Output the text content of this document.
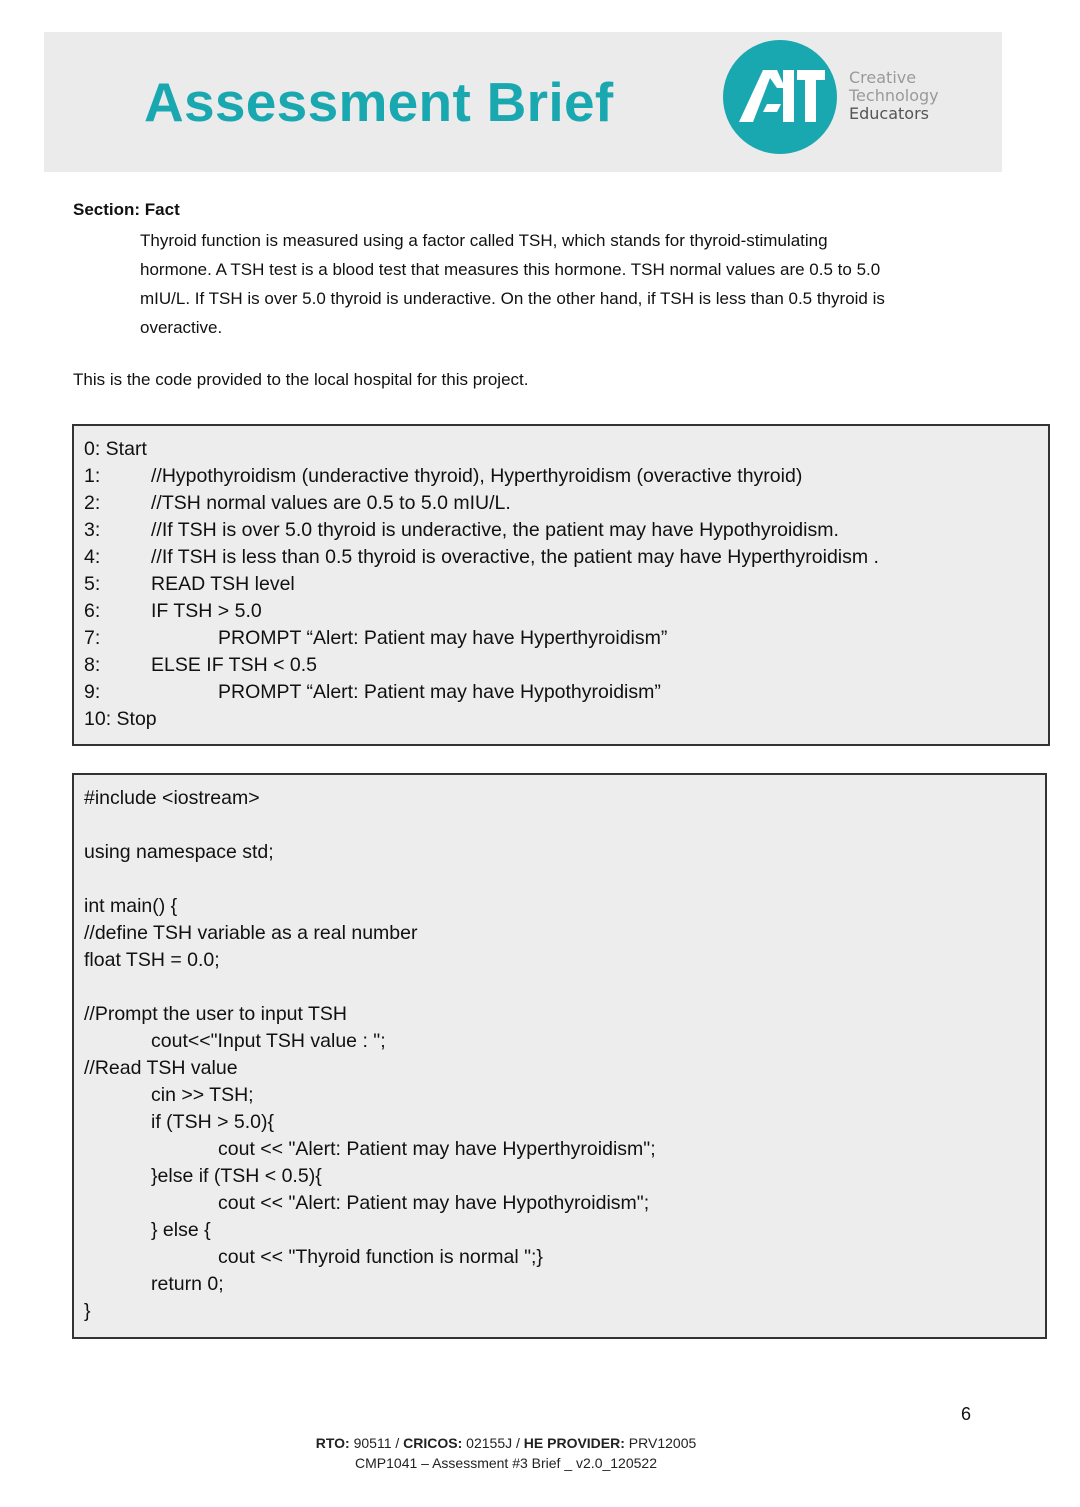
Assessment Brief	Creative
Technology
Educators
Section: Fact
Thyroid function is measured using a factor called TSH, which stands for thyroid-stimulating
hormone. A TSH test is a blood test that measures this hormone. TSH normal values are 0.5 to 5.0
mIU/L. If TSH is over 5.0 thyroid is underactive. On the other hand, if TSH is less than 0.5 thyroid is
overactive.
This is the code provided to the local hospital for this project.
0: Start
1:	//Hypothyroidism (underactive thyroid), Hyperthyroidism (overactive thyroid)
2:	//TSH normal values are 0.5 to 5.0 mIU/L.
3:	//If TSH is over 5.0 thyroid is underactive, the patient may have Hypothyroidism.
4:	//If TSH is less than 0.5 thyroid is overactive, the patient may have Hyperthyroidism .
5:	READ TSH level
6:	IF TSH > 5.0
7:	PROMPT “Alert: Patient may have Hyperthyroidism”
8:	ELSE IF TSH < 0.5
9:	PROMPT “Alert: Patient may have Hypothyroidism”
10: Stop
#include <iostream>
using namespace std;
int main() {
//define TSH variable as a real number
float TSH = 0.0;
//Prompt the user to input TSH
cout<<"Input TSH value : ";
//Read TSH value
cin >> TSH;
if (TSH > 5.0){
cout << "Alert: Patient may have Hyperthyroidism";
}else if (TSH < 0.5){
cout << "Alert: Patient may have Hypothyroidism";
} else {
cout << "Thyroid function is normal ";}
return 0;
}
6
RTO: 90511 / CRICOS: 02155J / HE PROVIDER: PRV12005
CMP1041 – Assessment #3 Brief _ v2.0_120522
